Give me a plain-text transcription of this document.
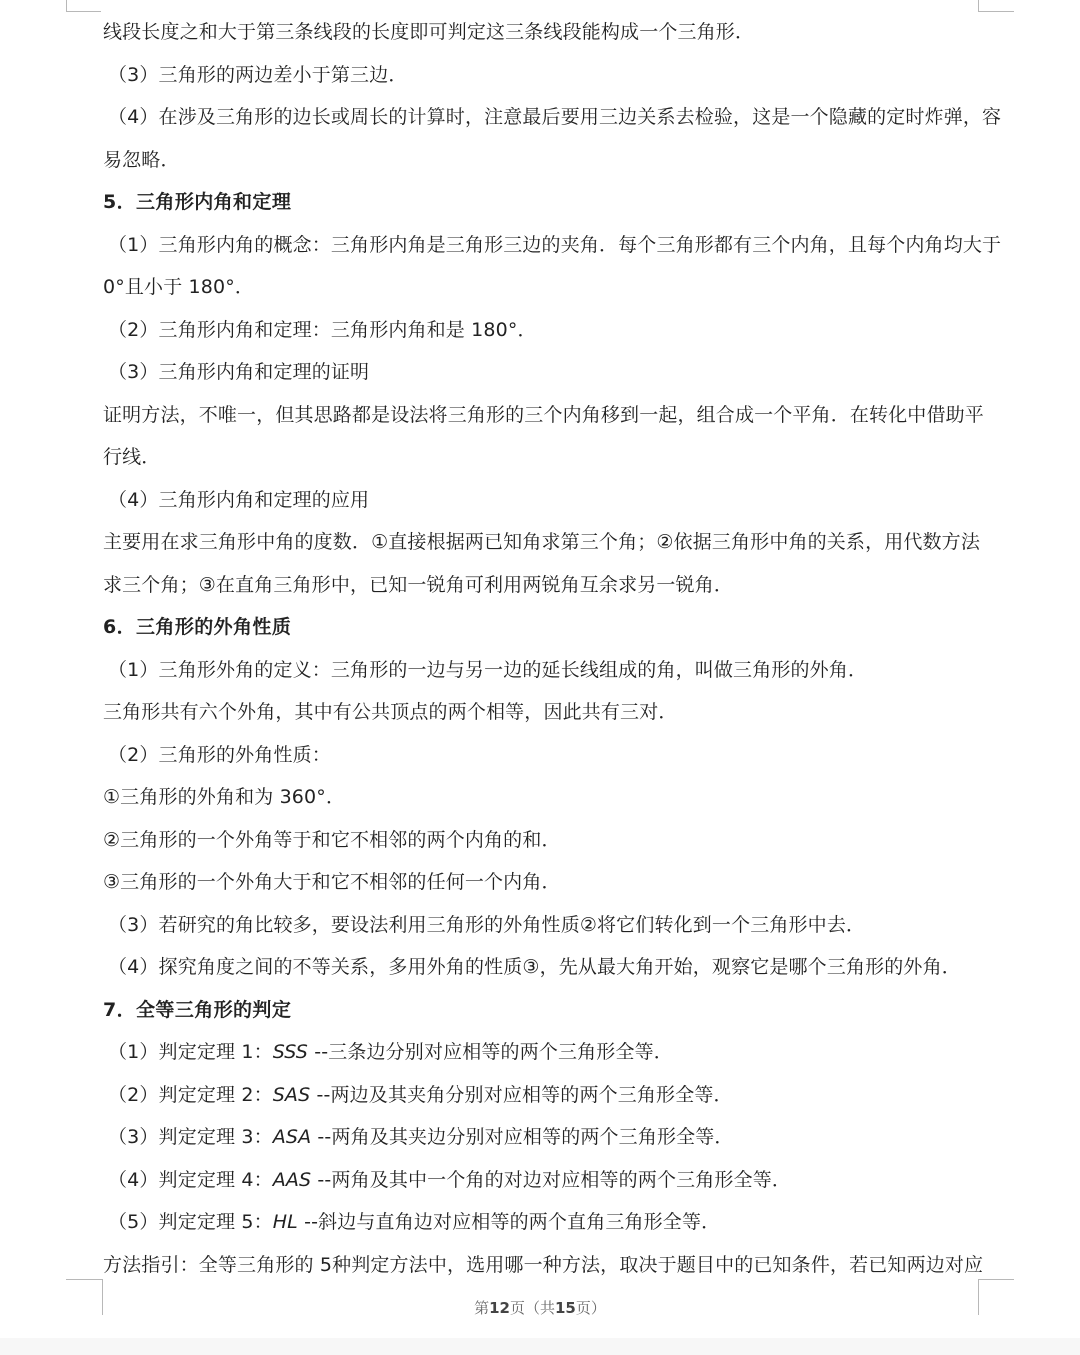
线段长度之和大于第三条线段的长度即可判定这三条线段能构成一个三角形．
（3）三角形的两边差小于第三边．
（4）在涉及三角形的边长或周长的计算时，注意最后要用三边关系去检验，这是一个隐藏的定时炸弹，容
易忽略．
5．三角形内角和定理
（1）三角形内角的概念：三角形内角是三角形三边的夹角．每个三角形都有三个内角，且每个内角均大于
0°且小于 180°．
（2）三角形内角和定理：三角形内角和是 180°．
（3）三角形内角和定理的证明
证明方法，不唯一，但其思路都是设法将三角形的三个内角移到一起，组合成一个平角．在转化中借助平
行线．
（4）三角形内角和定理的应用
主要用在求三角形中角的度数．①直接根据两已知角求第三个角；②依据三角形中角的关系，用代数方法
求三个角；③在直角三角形中，已知一锐角可利用两锐角互余求另一锐角．
6．三角形的外角性质
（1）三角形外角的定义：三角形的一边与另一边的延长线组成的角，叫做三角形的外角．
三角形共有六个外角，其中有公共顶点的两个相等，因此共有三对．
（2）三角形的外角性质：
①三角形的外角和为 360°．
②三角形的一个外角等于和它不相邻的两个内角的和．
③三角形的一个外角大于和它不相邻的任何一个内角．
（3）若研究的角比较多，要设法利用三角形的外角性质②将它们转化到一个三角形中去．
（4）探究角度之间的不等关系，多用外角的性质③，先从最大角开始，观察它是哪个三角形的外角．
7．全等三角形的判定
（1）判定定理 1：SSS --三条边分别对应相等的两个三角形全等．
（2）判定定理 2：SAS --两边及其夹角分别对应相等的两个三角形全等．
（3）判定定理 3：ASA --两角及其夹边分别对应相等的两个三角形全等．
（4）判定定理 4：AAS --两角及其中一个角的对边对应相等的两个三角形全等．
（5）判定定理 5：HL --斜边与直角边对应相等的两个直角三角形全等．
方法指引：全等三角形的 5种判定方法中，选用哪一种方法，取决于题目中的已知条件，若已知两边对应
第12页（共15页）
